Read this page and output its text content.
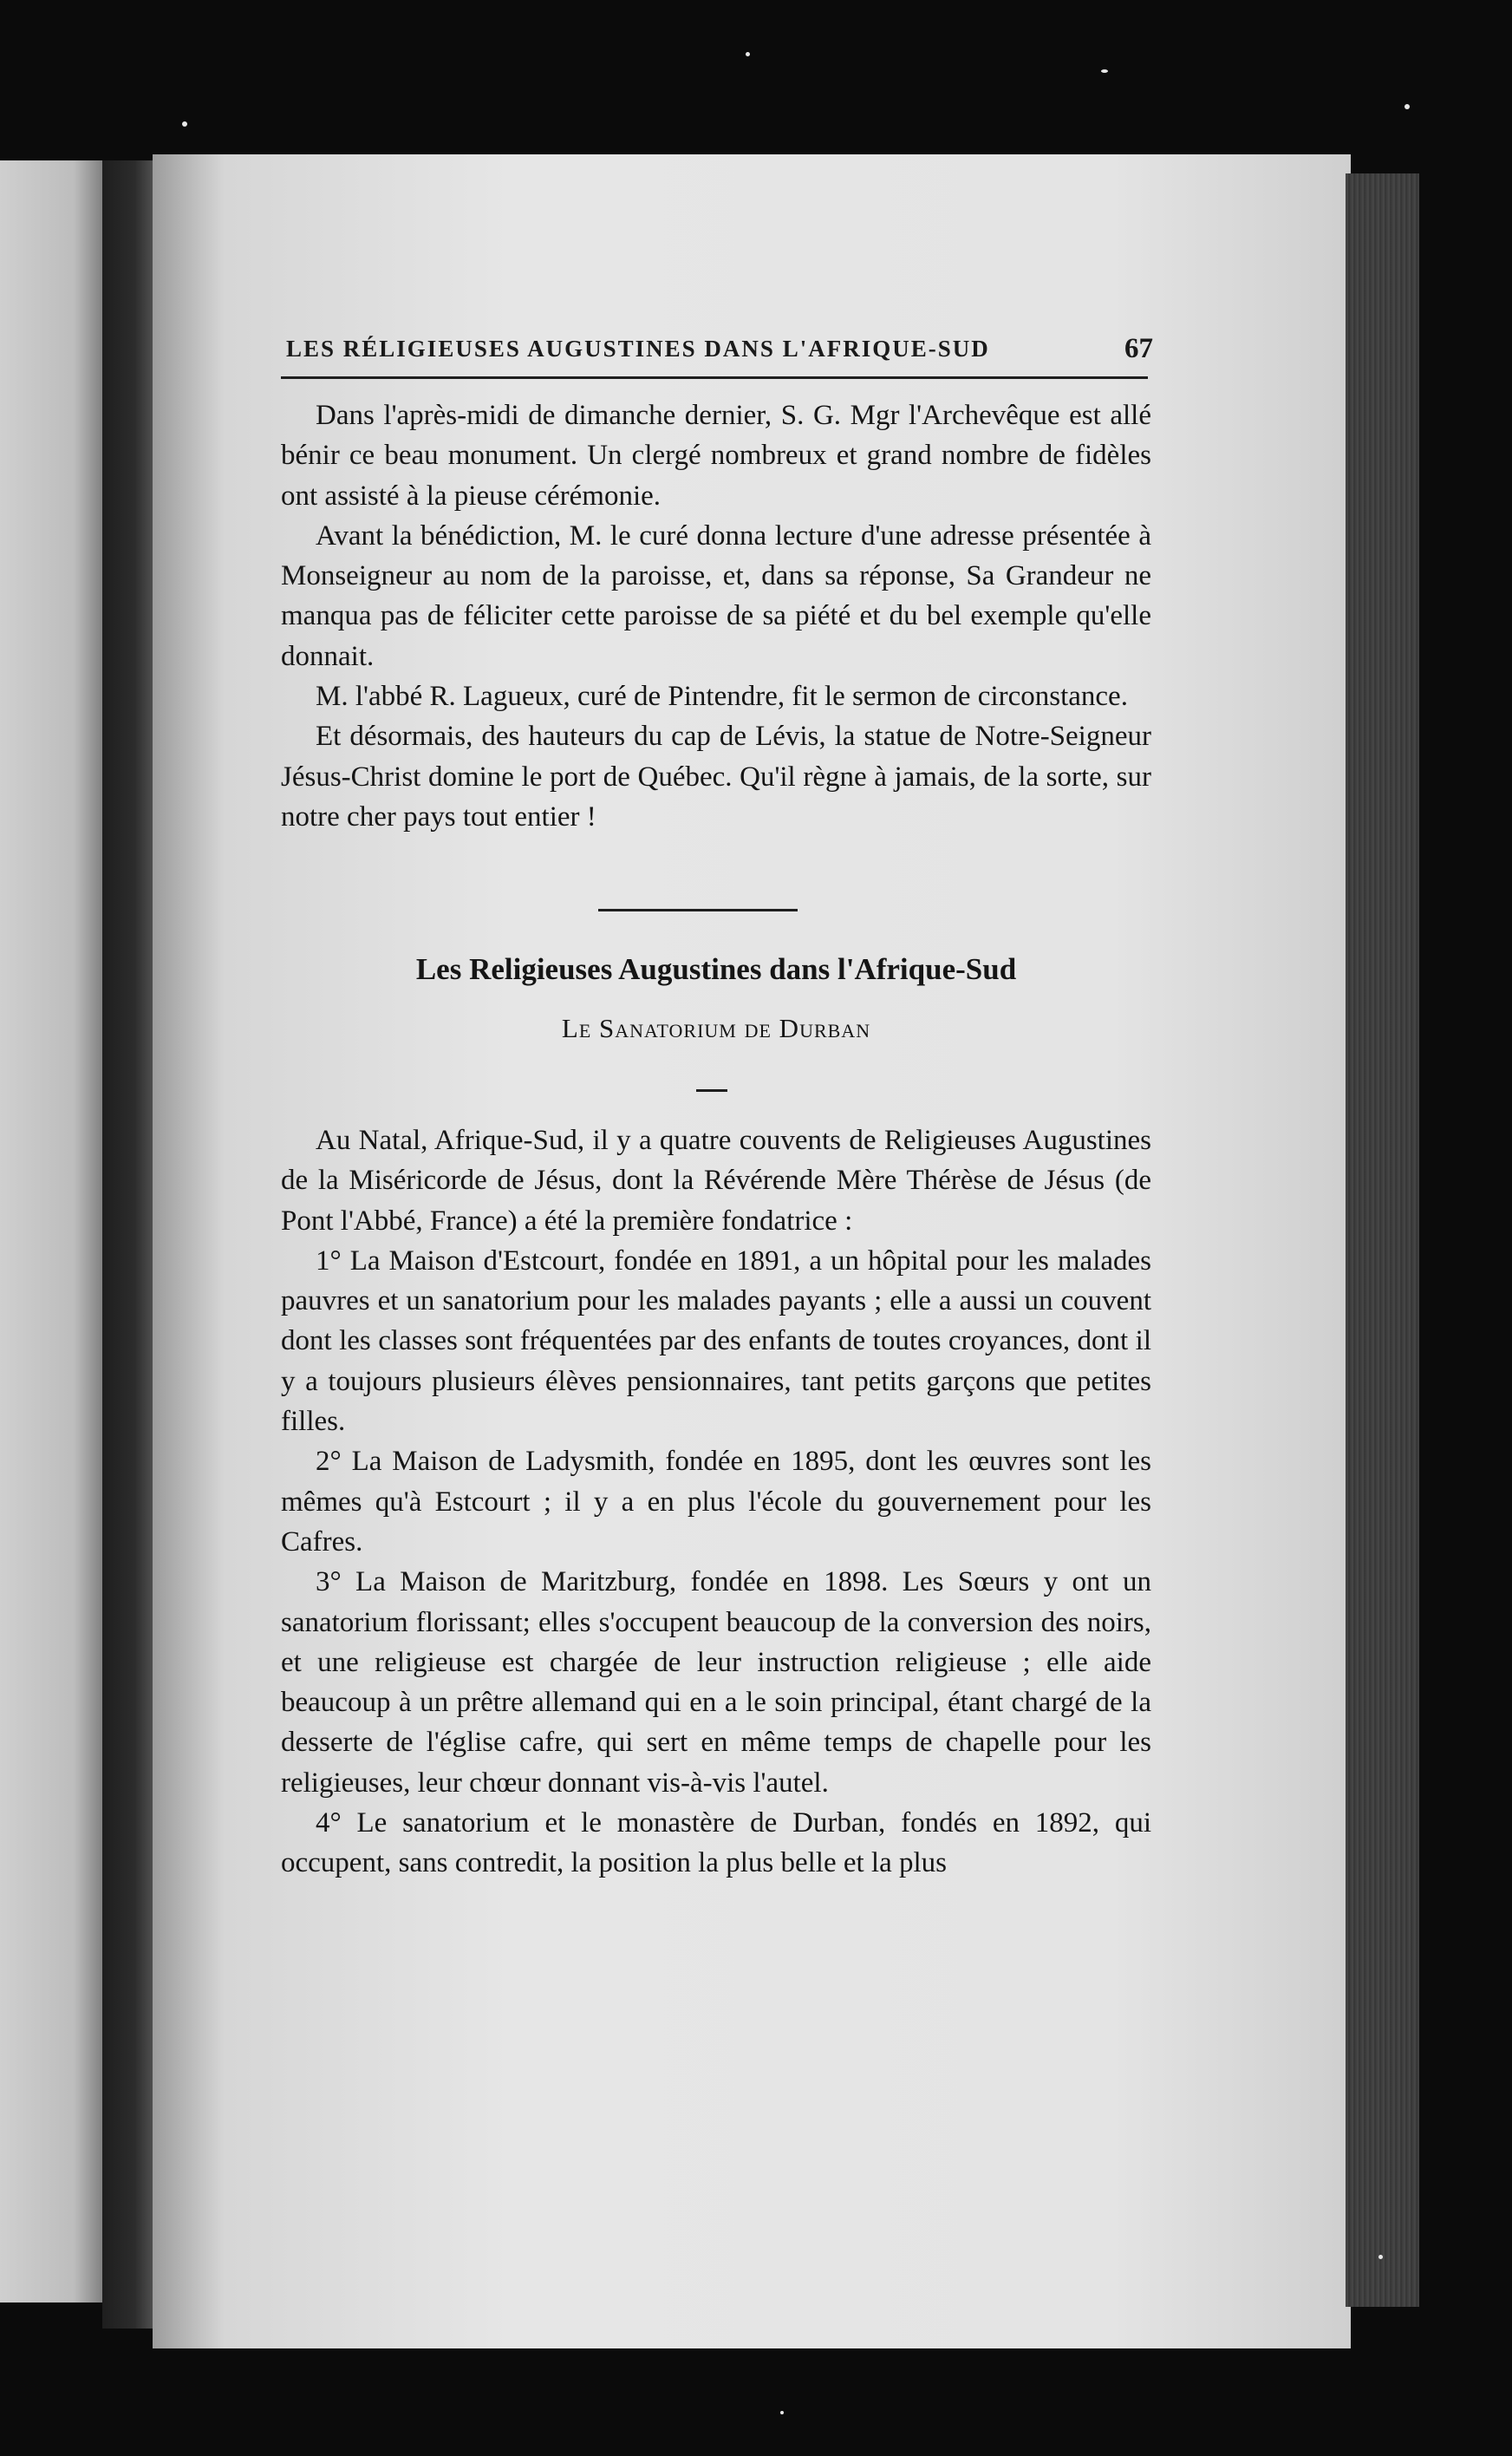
LES RÉLIGIEUSES AUGUSTINES DANS L'AFRIQUE-SUD	67

Dans l'après-midi de dimanche dernier, S. G. Mgr l'Archevêque est allé bénir ce beau monument. Un clergé nombreux et grand nombre de fidèles ont assisté à la pieuse cérémonie.

Avant la bénédiction, M. le curé donna lecture d'une adresse présentée à Monseigneur au nom de la paroisse, et, dans sa réponse, Sa Grandeur ne manqua pas de féliciter cette paroisse de sa piété et du bel exemple qu'elle donnait.

M. l'abbé R. Lagueux, curé de Pintendre, fit le sermon de circonstance.

Et désormais, des hauteurs du cap de Lévis, la statue de Notre-Seigneur Jésus-Christ domine le port de Québec. Qu'il règne à jamais, de la sorte, sur notre cher pays tout entier !

Les Religieuses Augustines dans l'Afrique-Sud
Le Sanatorium de Durban

Au Natal, Afrique-Sud, il y a quatre couvents de Religieuses Augustines de la Miséricorde de Jésus, dont la Révérende Mère Thérèse de Jésus (de Pont l'Abbé, France) a été la première fondatrice :

1° La Maison d'Estcourt, fondée en 1891, a un hôpital pour les malades pauvres et un sanatorium pour les malades payants ; elle a aussi un couvent dont les classes sont fréquentées par des enfants de toutes croyances, dont il y a toujours plusieurs élèves pensionnaires, tant petits garçons que petites filles.

2° La Maison de Ladysmith, fondée en 1895, dont les œuvres sont les mêmes qu'à Estcourt ; il y a en plus l'école du gouvernement pour les Cafres.

3° La Maison de Maritzburg, fondée en 1898. Les Sœurs y ont un sanatorium florissant; elles s'occupent beaucoup de la conversion des noirs, et une religieuse est chargée de leur instruction religieuse ; elle aide beaucoup à un prêtre allemand qui en a le soin principal, étant chargé de la desserte de l'église cafre, qui sert en même temps de chapelle pour les religieuses, leur chœur donnant vis-à-vis l'autel.

4° Le sanatorium et le monastère de Durban, fondés en 1892, qui occupent, sans contredit, la position la plus belle et la plus
